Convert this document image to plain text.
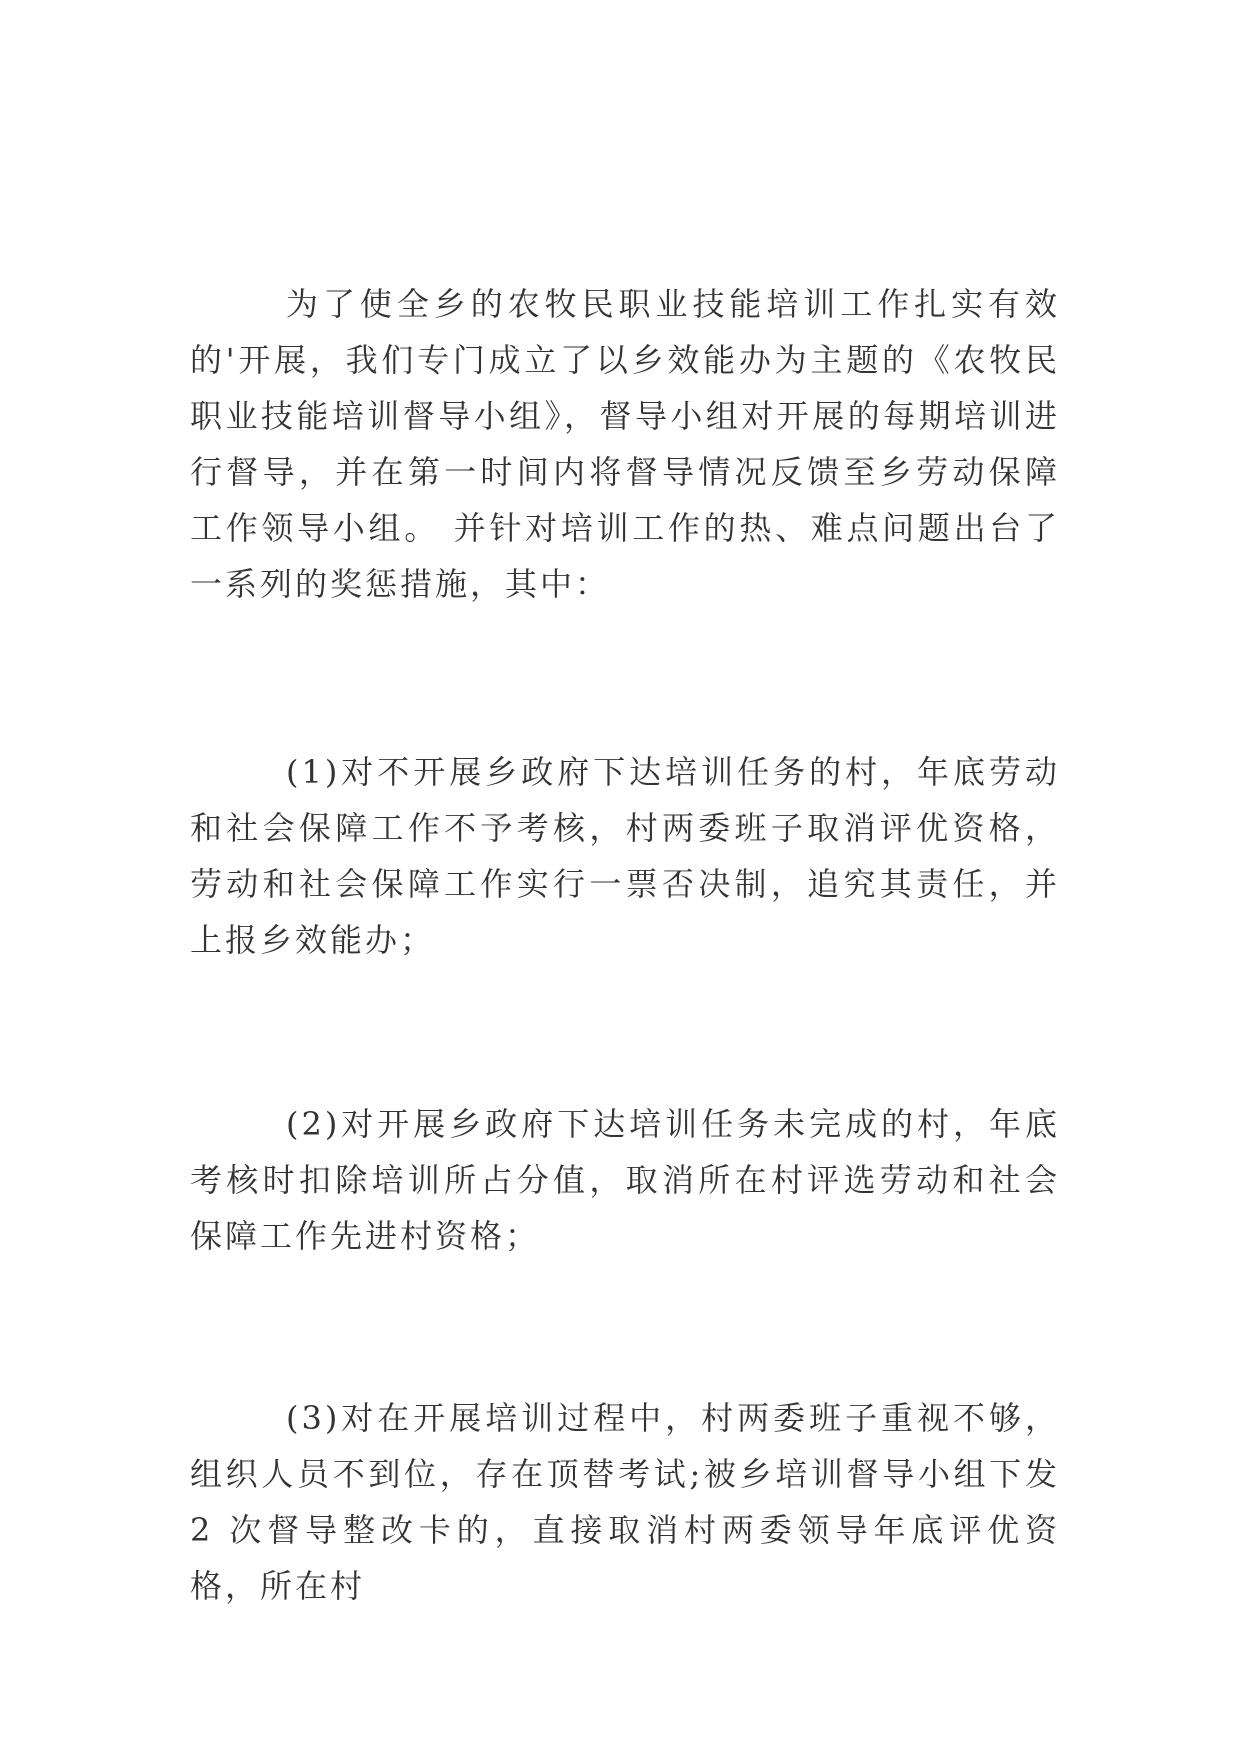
为了使全乡的农牧民职业技能培训工作扎实有效的'开展，我们专门成立了以乡效能办为主题的《农牧民职业技能培训督导小组》，督导小组对开展的每期培训进行督导，并在第一时间内将督导情况反馈至乡劳动保障工作领导小组。 并针对培训工作的热、难点问题出台了一系列的奖惩措施，其中：

(1)对不开展乡政府下达培训任务的村，年底劳动和社会保障工作不予考核，村两委班子取消评优资格，劳动和社会保障工作实行一票否决制，追究其责任，并上报乡效能办；

(2)对开展乡政府下达培训任务未完成的村，年底考核时扣除培训所占分值，取消所在村评选劳动和社会保障工作先进村资格；

(3)对在开展培训过程中，村两委班子重视不够，组织人员不到位，存在顶替考试;被乡培训督导小组下发 2 次督导整改卡的，直接取消村两委领导年底评优资格，所在村
